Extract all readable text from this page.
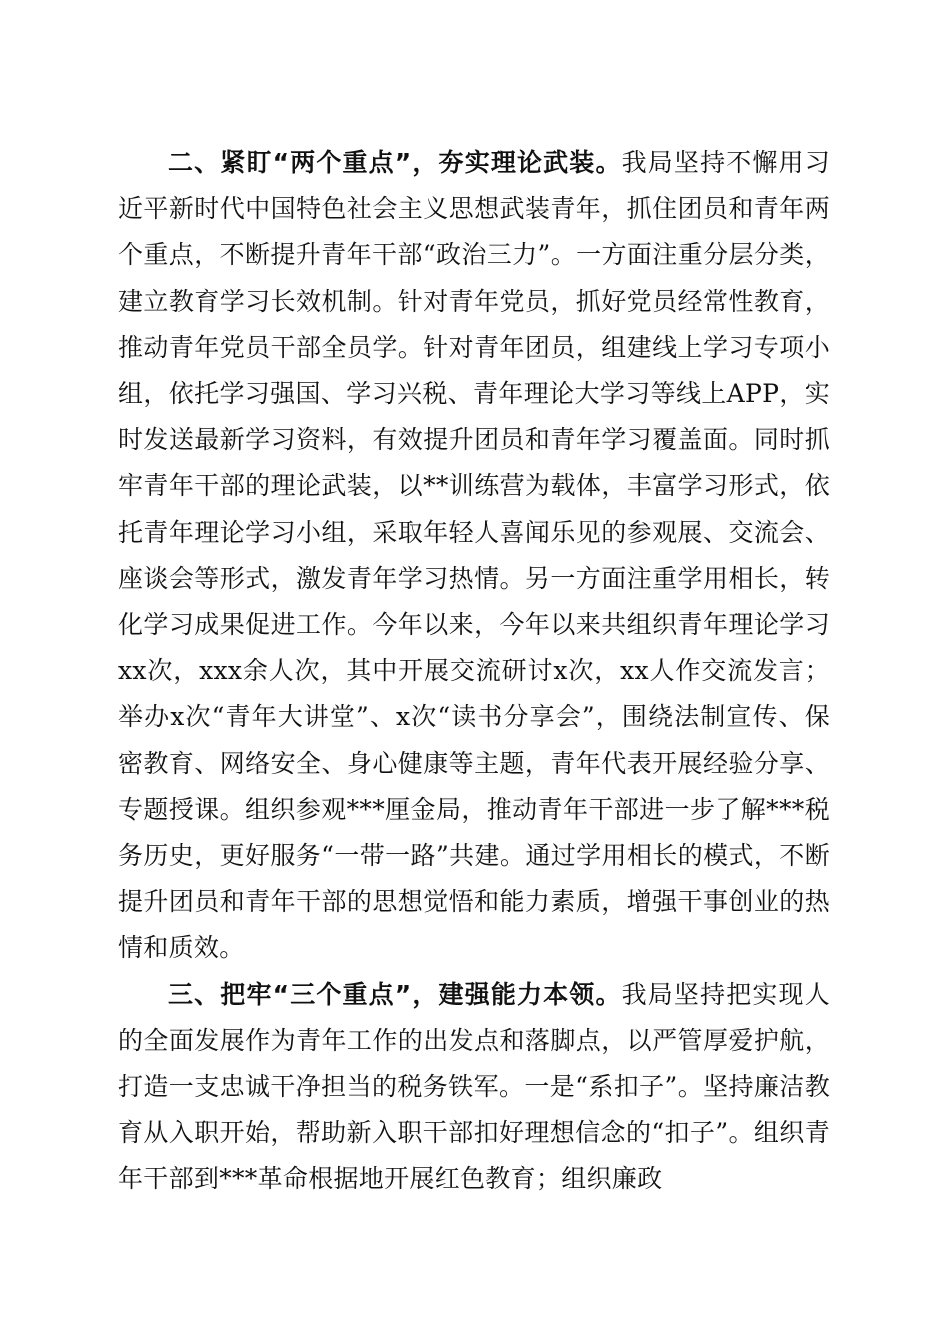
二、紧盯“两个重点”，夯实理论武装。我局坚持不懈用习近平新时代中国特色社会主义思想武装青年，抓住团员和青年两个重点，不断提升青年干部“政治三力”。一方面注重分层分类，建立教育学习长效机制。针对青年党员，抓好党员经常性教育，推动青年党员干部全员学。针对青年团员，组建线上学习专项小组，依托学习强国、学习兴税、青年理论大学习等线上APP，实时发送最新学习资料，有效提升团员和青年学习覆盖面。同时抓牢青年干部的理论武装，以**训练营为载体，丰富学习形式，依托青年理论学习小组，采取年轻人喜闻乐见的参观展、交流会、座谈会等形式，激发青年学习热情。另一方面注重学用相长，转化学习成果促进工作。今年以来，今年以来共组织青年理论学习xx次，xxx余人次，其中开展交流研讨x次，xx人作交流发言；举办x次“青年大讲堂”、x次“读书分享会”，围绕法制宣传、保密教育、网络安全、身心健康等主题，青年代表开展经验分享、专题授课。组织参观***厘金局，推动青年干部进一步了解***税务历史，更好服务“一带一路”共建。通过学用相长的模式，不断提升团员和青年干部的思想觉悟和能力素质，增强干事创业的热情和质效。

三、把牢“三个重点”，建强能力本领。我局坚持把实现人的全面发展作为青年工作的出发点和落脚点，以严管厚爱护航，打造一支忠诚干净担当的税务铁军。一是“系扣子”。坚持廉洁教育从入职开始，帮助新入职干部扣好理想信念的“扣子”。组织青年干部到***革命根据地开展红色教育；组织廉政
